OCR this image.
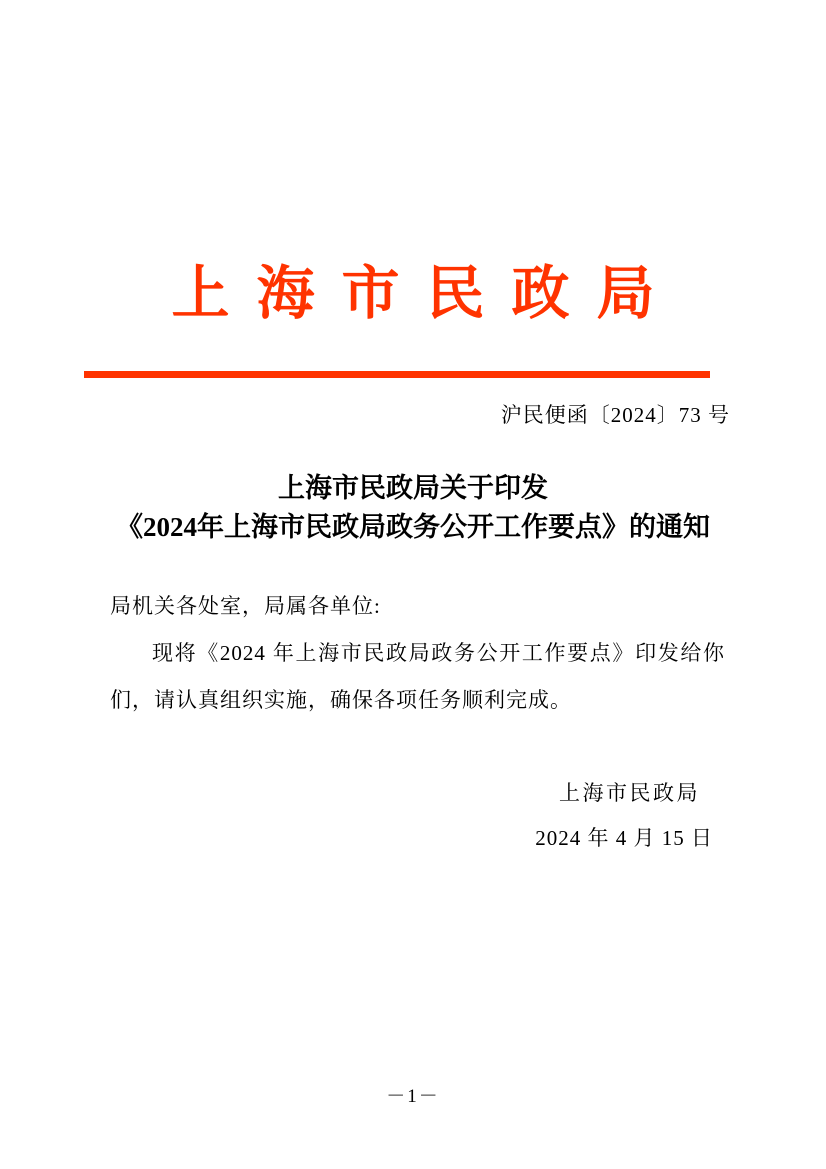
上海市民政局
沪民便函〔2024〕73 号
上海市民政局关于印发
《2024年上海市民政局政务公开工作要点》的通知

局机关各处室，局属各单位:

现将《2024 年上海市民政局政务公开工作要点》印发给你们，请认真组织实施，确保各项任务顺利完成。

上海市民政局
2024 年 4 月 15 日
－1－
